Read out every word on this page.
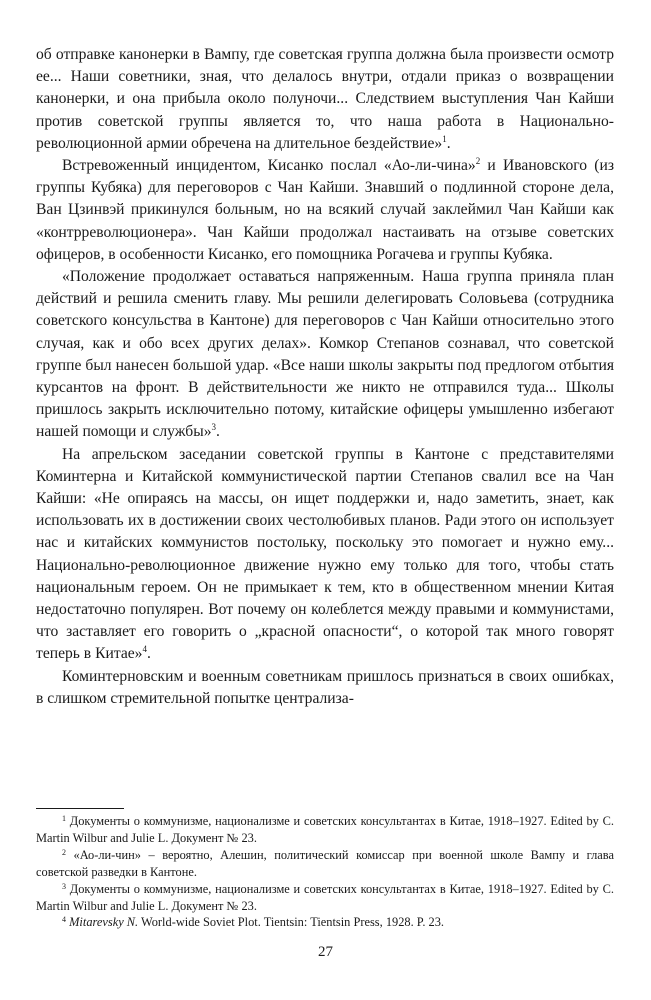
об отправке канонерки в Вампу, где советская группа должна была произвести осмотр ее... Наши советники, зная, что делалось внутри, отдали приказ о возвращении канонерки, и она прибыла около полуночи... Следствием выступления Чан Кайши против советской группы является то, что наша работа в Национально-революционной армии обречена на длительное бездействие»$^1$.

Встревоженный инцидентом, Кисанко послал «Ао-ли-чина»$^2$ и Ивановского (из группы Кубяка) для переговоров с Чан Кайши. Знавший о подлинной стороне дела, Ван Цзинвэй прикинулся больным, но на всякий случай заклеймил Чан Кайши как «контрреволюционера». Чан Кайши продолжал настаивать на отзыве советских офицеров, в особенности Кисанко, его помощника Рогачева и группы Кубяка.

«Положение продолжает оставаться напряженным. Наша группа приняла план действий и решила сменить главу. Мы решили делегировать Соловьева (сотрудника советского консульства в Кантоне) для переговоров с Чан Кайши относительно этого случая, как и обо всех других делах». Комкор Степанов сознавал, что советской группе был нанесен большой удар. «Все наши школы закрыты под предлогом отбытия курсантов на фронт. В действительности же никто не отправился туда... Школы пришлось закрыть исключительно потому, китайские офицеры умышленно избегают нашей помощи и службы»$^3$.

На апрельском заседании советской группы в Кантоне с представителями Коминтерна и Китайской коммунистической партии Степанов свалил все на Чан Кайши: «Не опираясь на массы, он ищет поддержки и, надо заметить, знает, как использовать их в достижении своих честолюбивых планов. Ради этого он использует нас и китайских коммунистов постольку, поскольку это помогает и нужно ему... Национально-революционное движение нужно ему только для того, чтобы стать национальным героем. Он не примыкает к тем, кто в общественном мнении Китая недостаточно популярен. Вот почему он колеблется между правыми и коммунистами, что заставляет его говорить о „красной опасности“, о которой так много говорят теперь в Китае»$^4$.

Коминтерновским и военным советникам пришлось признаться в своих ошибках, в слишком стремительной попытке централиза-

$^1$ Документы о коммунизме, национализме и советских консультантах в Китае, 1918–1927. Edited by C. Martin Wilbur and Julie L. Документ № 23.

$^2$ «Ао-ли-чин» – вероятно, Алешин, политический комиссар при военной школе Вампу и глава советской разведки в Кантоне.

$^3$ Документы о коммунизме, национализме и советских консультантах в Китае, 1918–1927. Edited by C. Martin Wilbur and Julie L. Документ № 23.

$^4$ Mitarevsky N. World-wide Soviet Plot. Tientsin: Tientsin Press, 1928. P. 23.

27
